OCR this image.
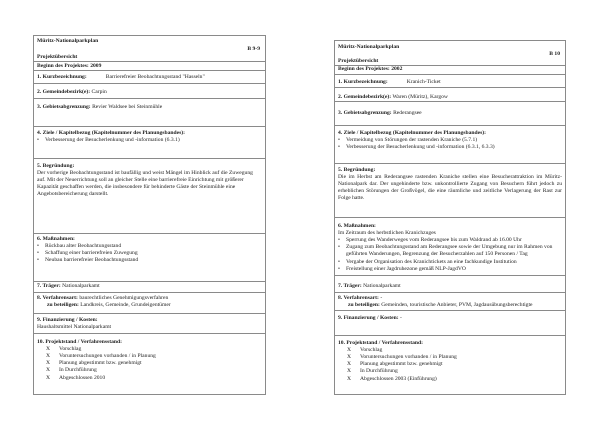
Müritz-Nationalparkplan
B 9-9
Projektübersicht
Beginn des Projektes: 2009
1. Kurzbezeichnung:	Barrierefreier Beobachtungsstand "Hasseln"
2. Gemeindebezirk(e): Carpin
3. Gebietsabgrenzung: Revier Waldsee bei Steinmühle
4. Ziele / Kapitelbezug (Kapitelnummer des Planungsbandes):
• Verbesserung der Besucherlenkung und -information (6.3.1)
5. Begründung:
Der vorherige Beobachtungsstand ist baufällig und weist Mängel im Hinblick auf die Zuwegung auf. Mit der Neuerrichtung soll an gleicher Stelle eine barrierefreie Einrichtung mit größerer Kapazität geschaffen werden, die insbesondere für behinderte Gäste der Steinmühle eine Angebotsbereicherung darstellt.
6. Maßnahmen:
• Rückbau alter Beobachtungsstand
• Schaffung einer barrierefreien Zuwegung
• Neubau barrierefreier Beobachtungsstand
7. Träger: Nationalparkamt
8. Verfahrensart: baurechtliches Genehmigungsverfahren
zu beteiligen: Landkreis, Gemeinde, Grundeigentümer
9. Finanzierung / Kosten:
Haushaltsmittel Nationalparkamt
10. Projektstand / Verfahrensstand:
X Vorschlag
X Voruntersuchungen vorhanden / in Planung
X Planung abgestimmt bzw. genehmigt
X In Durchführung
X Abgeschlossen 2010
Müritz-Nationalparkplan
B 10
Projektübersicht
Beginn des Projektes: 2002
1. Kurzbezeichnung:	Kranich-Ticket
2. Gemeindebezirk(e): Waren (Müritz), Kargow
3. Gebietsabgrenzung: Rederangsee
4. Ziele / Kapitelbezug (Kapitelnummer des Planungsbandes):
• Vermeidung von Störungen der rastenden Kraniche (5.7.1)
• Verbesserung der Besucherlenkung und -information (6.3.1, 6.3.3)
5. Begründung:
Die im Herbst am Rederangsee rastenden Kraniche stellen eine Besucherattraktion im Müritz-Nationalpark dar. Der ungehinderte bzw. unkontrollierte Zugang von Besuchern führt jedoch zu erheblichen Störungen der Großvögel, die eine räumliche und zeitliche Verlagerung der Rast zur Folge hatte.
6. Maßnahmen:
Im Zeitraum des herbstlichen Kranichzuges
• Sperrung des Wanderweges vom Rederangsee bis zum Waldrand ab 16.00 Uhr
• Zugang zum Beobachtungsstand am Rederangsee sowie der Umgebung nur im Rahmen von geführten Wanderungen, Begrenzung der Besucherzahlen auf 150 Personen / Tag
• Vergabe der Organisation des Kranichtickets an eine fachkundige Institution
• Freistellung einer Jagdruhezone gemäß NLP-JagdVO
7. Träger: Nationalparkamt
8. Verfahrensart: -
zu beteiligen: Gemeinden, touristische Anbieter, PVM, Jagdausübungsberechtigte
9. Finanzierung / Kosten: -
10. Projektstand / Verfahrensstand:
X Vorschlag
X Voruntersuchungen vorhanden / in Planung
X Planung abgestimmt bzw. genehmigt
X In Durchführung
X Abgeschlossen 2003 (Einführung)
